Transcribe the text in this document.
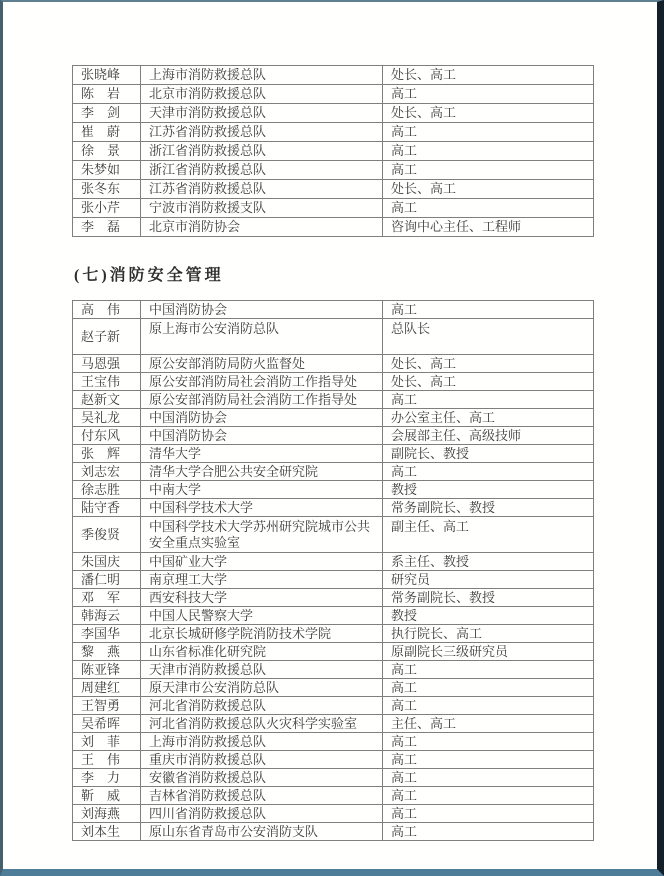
张晓峰	上海市消防救援总队	处长、高工
陈　岩	北京市消防救援总队	高工
李　剑	天津市消防救援总队	处长、高工
崔　蔚	江苏省消防救援总队	高工
徐　景	浙江省消防救援总队	高工
朱梦如	浙江省消防救援总队	高工
张冬东	江苏省消防救援总队	处长、高工
张小芹	宁波市消防救援支队	高工
李　磊	北京市消防协会	咨询中心主任、工程师
(七)消防安全管理
高　伟	中国消防协会	高工
赵子新	原上海市公安消防总队	总队长
马恩强	原公安部消防局防火监督处	处长、高工
王宝伟	原公安部消防局社会消防工作指导处	处长、高工
赵新文	原公安部消防局社会消防工作指导处	高工
吴礼龙	中国消防协会	办公室主任、高工
付东风	中国消防协会	会展部主任、高级技师
张　辉	清华大学	副院长、教授
刘志宏	清华大学合肥公共安全研究院	高工
徐志胜	中南大学	教授
陆守香	中国科学技术大学	常务副院长、教授
季俊贤	中国科学技术大学苏州研究院城市公共安全重点实验室	副主任、高工
朱国庆	中国矿业大学	系主任、教授
潘仁明	南京理工大学	研究员
邓　军	西安科技大学	常务副院长、教授
韩海云	中国人民警察大学	教授
李国华	北京长城研修学院消防技术学院	执行院长、高工
黎　燕	山东省标准化研究院	原副院长三级研究员
陈亚锋	天津市消防救援总队	高工
周建红	原天津市公安消防总队	高工
王智勇	河北省消防救援总队	高工
吴希晖	河北省消防救援总队火灾科学实验室	主任、高工
刘　菲	上海市消防救援总队	高工
王　伟	重庆市消防救援总队	高工
李　力	安徽省消防救援总队	高工
靳　威	吉林省消防救援总队	高工
刘海燕	四川省消防救援总队	高工
刘本生	原山东省青岛市公安消防支队	高工
